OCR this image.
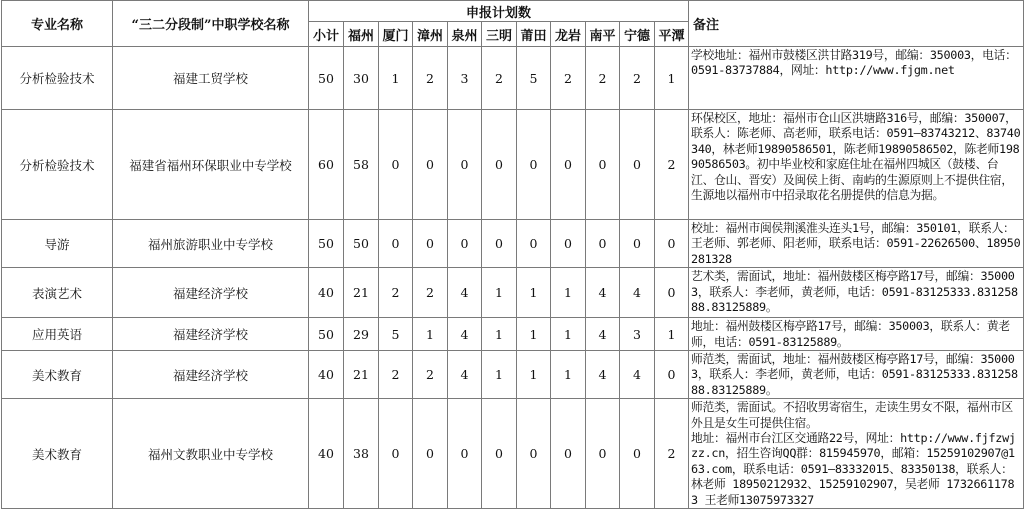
专业名称	“三二分段制”中职学校名称	申报计划数											备注
		小计	福州	厦门	漳州	泉州	三明	莆田	龙岩	南平	宁德	平潭	
分析检验技术	福建工贸学校	50	30	1	2	3	2	5	2	2	2	1	学校地址：福州市鼓楼区洪甘路319号，邮编：350003，电话：0591-83737884，网址：http://www.fjgm.net
分析检验技术	福建省福州环保职业中专学校	60	58	0	0	0	0	0	0	0	0	2	环保校区，地址：福州市仓山区洪塘路316号，邮编：350007，联系人：陈老师、高老师，联系电话：0591—83743212、83740340，林老师19890586501，陈老师19890586502，陈老师19890586503。初中毕业校和家庭住址在福州四城区（鼓楼、台江、仓山、晋安）及闽侯上街、南屿的生源原则上不提供住宿，生源地以福州市中招录取花名册提供的信息为据。
导游	福州旅游职业中专学校	50	50	0	0	0	0	0	0	0	0	0	校址：福州市闽侯荆溪淮头连头1号，邮编：350101，联系人：王老师、郭老师、阳老师，联系电话：0591-22626500、18950281328
表演艺术	福建经济学校	40	21	2	2	4	1	1	1	4	4	0	艺术类，需面试，地址：福州鼓楼区梅亭路17号，邮编：350003，联系人：李老师，黄老师，电话：0591-83125333.83125888.83125889。
应用英语	福建经济学校	50	29	5	1	4	1	1	1	4	3	1	地址：福州鼓楼区梅亭路17号，邮编：350003，联系人：黄老师，电话：0591-83125889。
美术教育	福建经济学校	40	21	2	2	4	1	1	1	4	4	0	师范类，需面试，地址：福州鼓楼区梅亭路17号，邮编：350003，联系人：李老师，黄老师，电话：0591-83125333.83125888.83125889。
美术教育	福州文教职业中专学校	40	38	0	0	0	0	0	0	0	0	2	师范类，需面试。不招收男寄宿生，走读生男女不限，福州市区外且是女生可提供住宿。
地址：福州市台江区交通路22号，网址：http://www.fjfzwjzz.cn，招生咨询QQ群：815945970，邮箱：15259102907@163.com，联系电话：0591—83332015、83350138，联系人：林老师 18950212932、15259102907，吴老师 17326611783 王老师13075973327
